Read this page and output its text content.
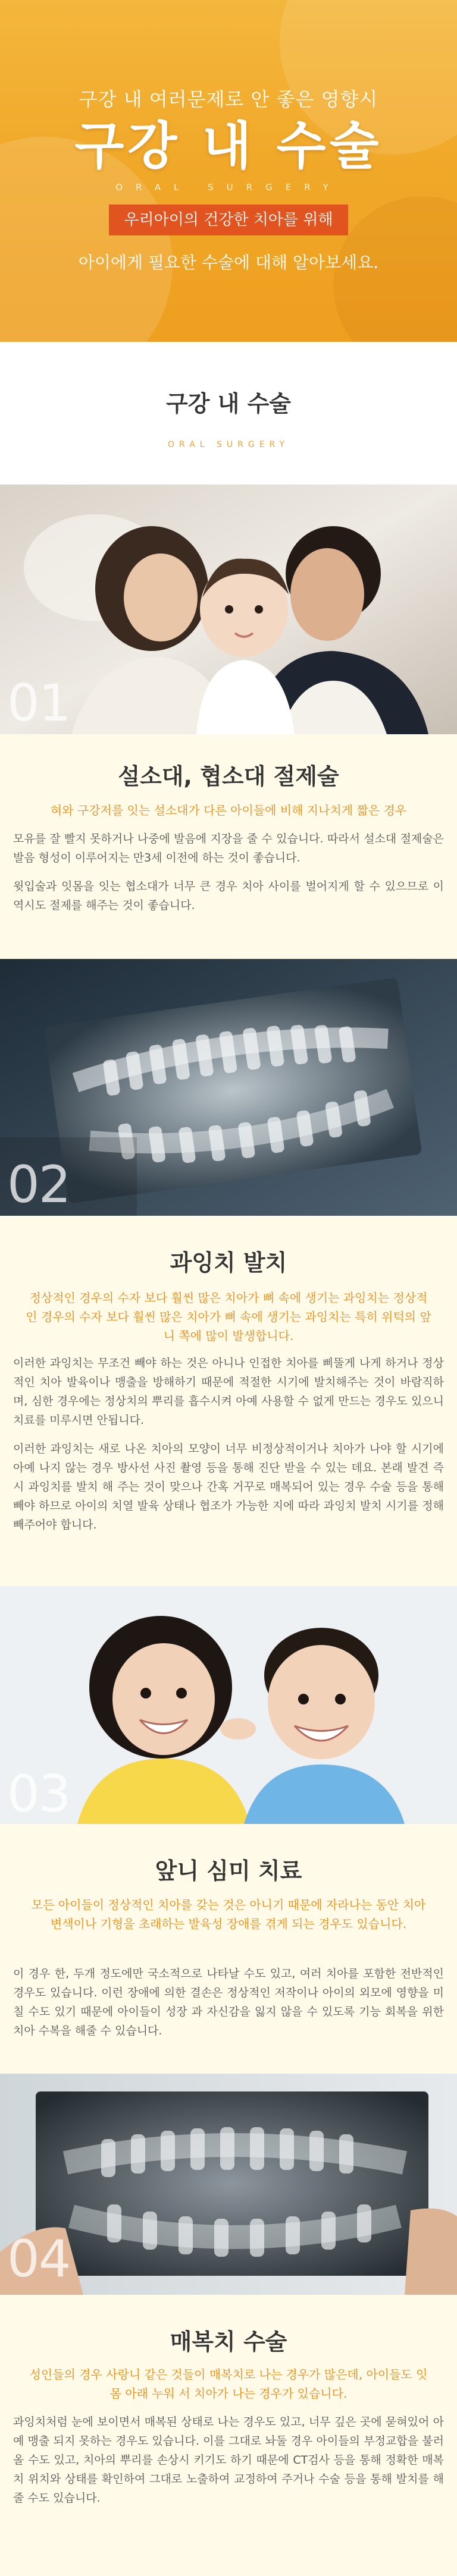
구강 내 여러문제로 안 좋은 영향시
구강 내 수술
ORAL SURGERY
우리아이의 건강한 치아를 위해
아이에게 필요한 수술에 대해 알아보세요.
구강 내 수술
ORAL SURGERY
01
설소대, 협소대 절제술
혀와 구강저를 잇는 설소대가 다른 아이들에 비해 지나치게 짧은 경우

모유를 잘 빨지 못하거나 나중에 발음에 지장을 줄 수 있습니다. 따라서 설소대 절제술은 발음 형성이 이루어지는 만3세 이전에 하는 것이 좋습니다.

윗입술과 잇몸을 잇는 협소대가 너무 큰 경우 치아 사이를 벌어지게 할 수 있으므로 이 역시도 절제를 해주는 것이 좋습니다.

02
과잉치 발치
정상적인 경우의 수자 보다 훨씬 많은 치아가 뼈 속에 생기는 과잉치는 정상적인 경우의 수자 보다 훨씬 많은 치아가 뼈 속에 생기는 과잉치는 특히 위턱의 앞니 쪽에 많이 발생합니다.

이러한 과잉치는 무조건 빼야 하는 것은 아니나 인접한 치아를 삐뚤게 나게 하거나 정상적인 치아 발육이나 맹출을 방해하기 때문에 적절한 시기에 발치해주는 것이 바람직하며, 심한 경우에는 정상치의 뿌리를 흡수시켜 아예 사용할 수 없게 만드는 경우도 있으니 치료를 미루시면 안됩니다.

이러한 과잉치는 새로 나온 치아의 모양이 너무 비정상적이거나 치아가 나야 할 시기에 아예 나지 않는 경우 방사선 사진 촬영 등을 통해 진단 받을 수 있는 데요. 본래 발견 즉시 과잉치를 발치 해 주는 것이 맞으나 간혹 거꾸로 매복되어 있는 경우 수술 등을 통해 빼야 하므로 아이의 치열 발육 상태나 협조가 가능한 지에 따라 과잉치 발치 시기를 정해 빼주어야 합니다.

03
앞니 심미 치료
모든 아이들이 정상적인 치아를 갖는 것은 아니기 때문에 자라나는 동안 치아 변색이나 기형을 초래하는 발육성 장애를 겪게 되는 경우도 있습니다.

이 경우 한, 두개 정도에만 국소적으로 나타날 수도 있고, 여러 치아를 포함한 전반적인 경우도 있습니다. 이런 장애에 의한 결손은 정상적인 저작이나 아이의 외모에 영향을 미칠 수도 있기 때문에 아이들이 성장 과 자신감을 잃지 않을 수 있도록 기능 회복을 위한 치아 수복을 해줄 수 있습니다.

04
매복치 수술
성인들의 경우 사랑니 같은 것들이 매복치로 나는 경우가 많은데, 아이들도 잇몸 아래 누워 서 치아가 나는 경우가 있습니다.

과잉치처럼 눈에 보이면서 매복된 상태로 나는 경우도 있고, 너무 깊은 곳에 묻혀있어 아예 맹출 되지 못하는 경우도 있습니다. 이를 그대로 놔둘 경우 아이들의 부정교합을 불러올 수도 있고, 치아의 뿌리를 손상시 키기도 하기 때문에 CT검사 등을 통해 정확한 매복치 위치와 상태를 확인하여 그대로 노출하여 교정하여 주거나 수술 등을 통해 발치를 해줄 수도 있습니다.
